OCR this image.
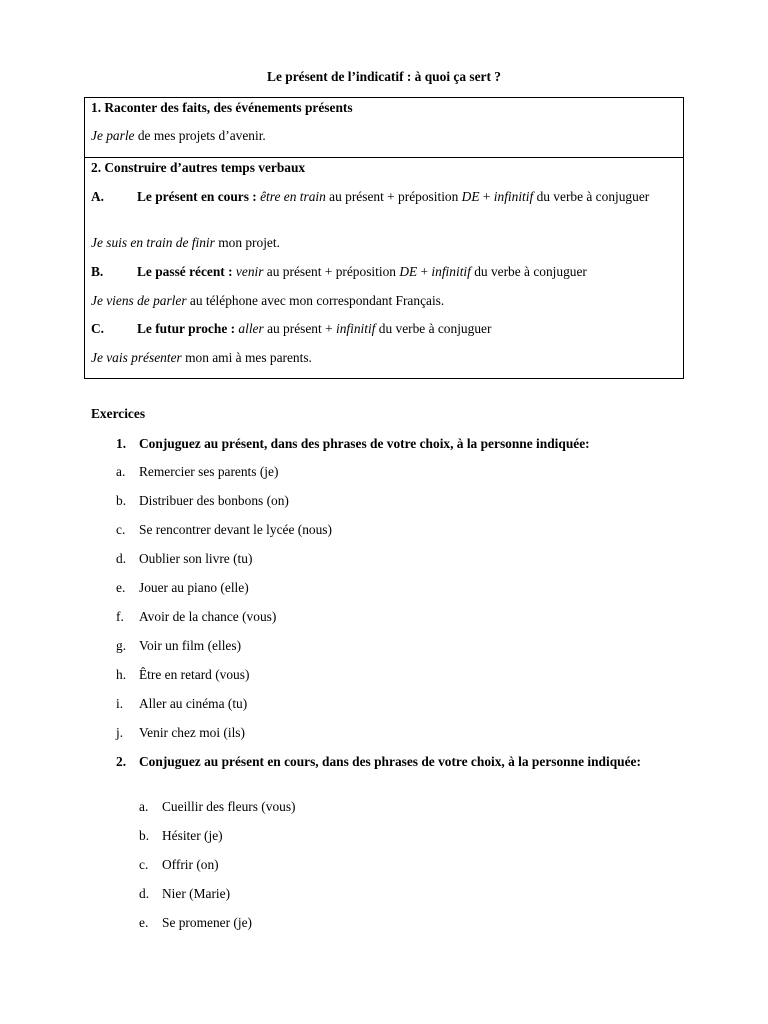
Le présent de l’indicatif : à quoi ça sert ?
1. Raconter des faits, des événements présents
Je parle de mes projets d’avenir.
2. Construire d’autres temps verbaux
A. Le présent en cours : être en train au présent + préposition DE + infinitif du verbe à conjuguer
Je suis en train de finir mon projet.
B.	Le passé récent : venir au présent + préposition DE + infinitif du verbe à conjuguer
Je viens de parler au téléphone avec mon correspondant Français.
C. Le futur proche : aller au présent + infinitif du verbe à conjuguer
Je vais présenter mon ami à mes parents.
Exercices
1. Conjuguez au présent, dans des phrases de votre choix, à la personne indiquée:
a. Remercier ses parents (je)
b. Distribuer des bonbons (on)
c. Se rencontrer devant le lycée (nous)
d. Oublier son livre (tu)
e. Jouer au piano (elle)
f. Avoir de la chance (vous)
g. Voir un film (elles)
h. Être en retard (vous)
i. Aller au cinéma (tu)
j. Venir chez moi (ils)
2. Conjuguez au présent en cours, dans des phrases de votre choix, à la personne indiquée:
a. Cueillir des fleurs (vous)
b. Hésiter (je)
c. Offrir (on)
d. Nier (Marie)
e. Se promener (je)
